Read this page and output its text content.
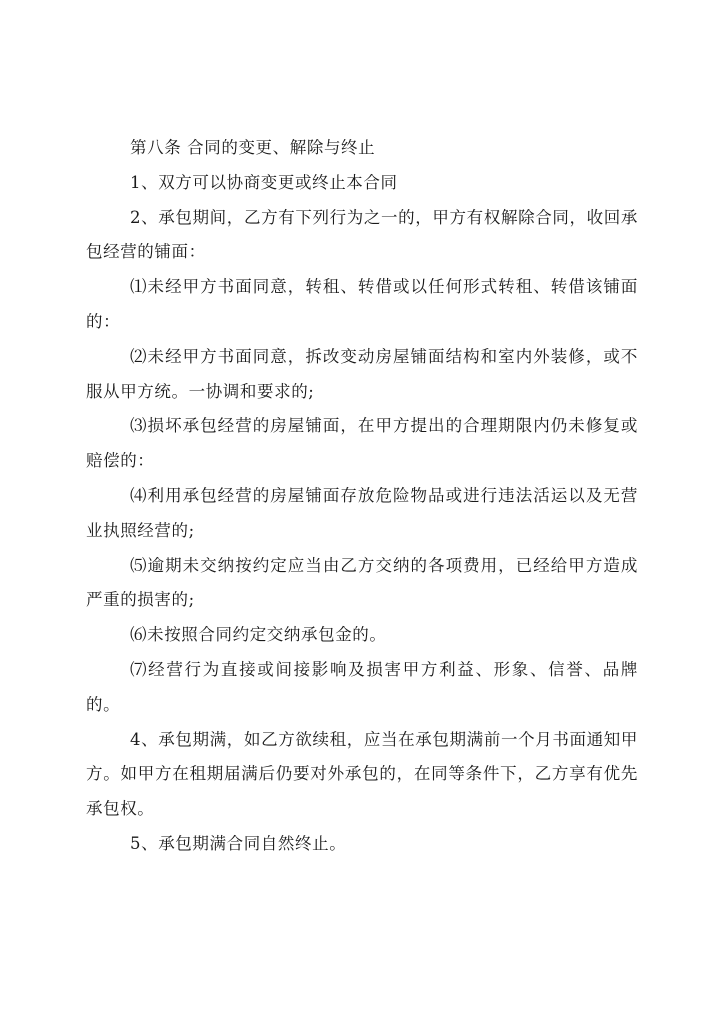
第八条 合同的变更、解除与终止

1、双方可以协商变更或终止本合同

2、承包期间，乙方有下列行为之一的，甲方有权解除合同，收回承包经营的铺面：

⑴未经甲方书面同意，转租、转借或以任何形式转租、转借该铺面的：

⑵未经甲方书面同意，拆改变动房屋铺面结构和室内外装修，或不服从甲方统。一协调和要求的;

⑶损坏承包经营的房屋铺面，在甲方提出的合理期限内仍未修复或赔偿的：

⑷利用承包经营的房屋铺面存放危险物品或进行违法活运以及无营业执照经营的;

⑸逾期未交纳按约定应当由乙方交纳的各项费用，已经给甲方造成严重的损害的;

⑹未按照合同约定交纳承包金的。

⑺经营行为直接或间接影响及损害甲方利益、形象、信誉、品牌的。

4、承包期满，如乙方欲续租，应当在承包期满前一个月书面通知甲方。如甲方在租期届满后仍要对外承包的，在同等条件下，乙方享有优先承包权。

5、承包期满合同自然终止。
